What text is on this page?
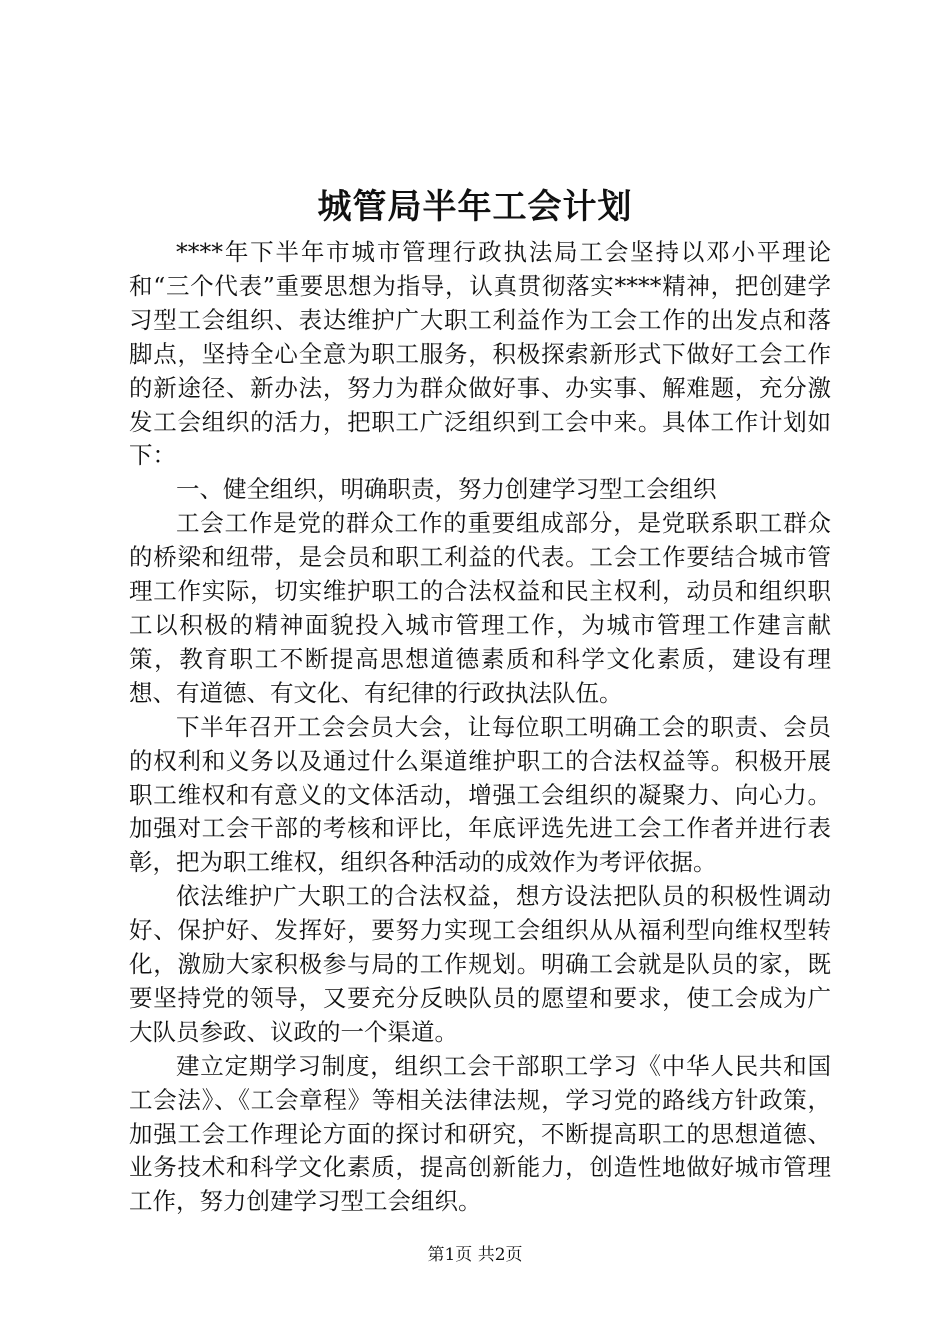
城管局半年工会计划

****年下半年市城市管理行政执法局工会坚持以邓小平理论和“三个代表”重要思想为指导，认真贯彻落实****精神，把创建学习型工会组织、表达维护广大职工利益作为工会工作的出发点和落脚点，坚持全心全意为职工服务，积极探索新形式下做好工会工作的新途径、新办法，努力为群众做好事、办实事、解难题，充分激发工会组织的活力，把职工广泛组织到工会中来。具体工作计划如下：

一、健全组织，明确职责，努力创建学习型工会组织

工会工作是党的群众工作的重要组成部分，是党联系职工群众的桥梁和纽带，是会员和职工利益的代表。工会工作要结合城市管理工作实际，切实维护职工的合法权益和民主权利，动员和组织职工以积极的精神面貌投入城市管理工作，为城市管理工作建言献策，教育职工不断提高思想道德素质和科学文化素质，建设有理想、有道德、有文化、有纪律的行政执法队伍。

下半年召开工会会员大会，让每位职工明确工会的职责、会员的权利和义务以及通过什么渠道维护职工的合法权益等。积极开展职工维权和有意义的文体活动，增强工会组织的凝聚力、向心力。加强对工会干部的考核和评比，年底评选先进工会工作者并进行表彰，把为职工维权，组织各种活动的成效作为考评依据。

依法维护广大职工的合法权益，想方设法把队员的积极性调动好、保护好、发挥好，要努力实现工会组织从从福利型向维权型转化，激励大家积极参与局的工作规划。明确工会就是队员的家，既要坚持党的领导，又要充分反映队员的愿望和要求，使工会成为广大队员参政、议政的一个渠道。

建立定期学习制度，组织工会干部职工学习《中华人民共和国工会法》、《工会章程》等相关法律法规，学习党的路线方针政策，加强工会工作理论方面的探讨和研究，不断提高职工的思想道德、业务技术和科学文化素质，提高创新能力，创造性地做好城市管理工作，努力创建学习型工会组织。

第1页 共2页
